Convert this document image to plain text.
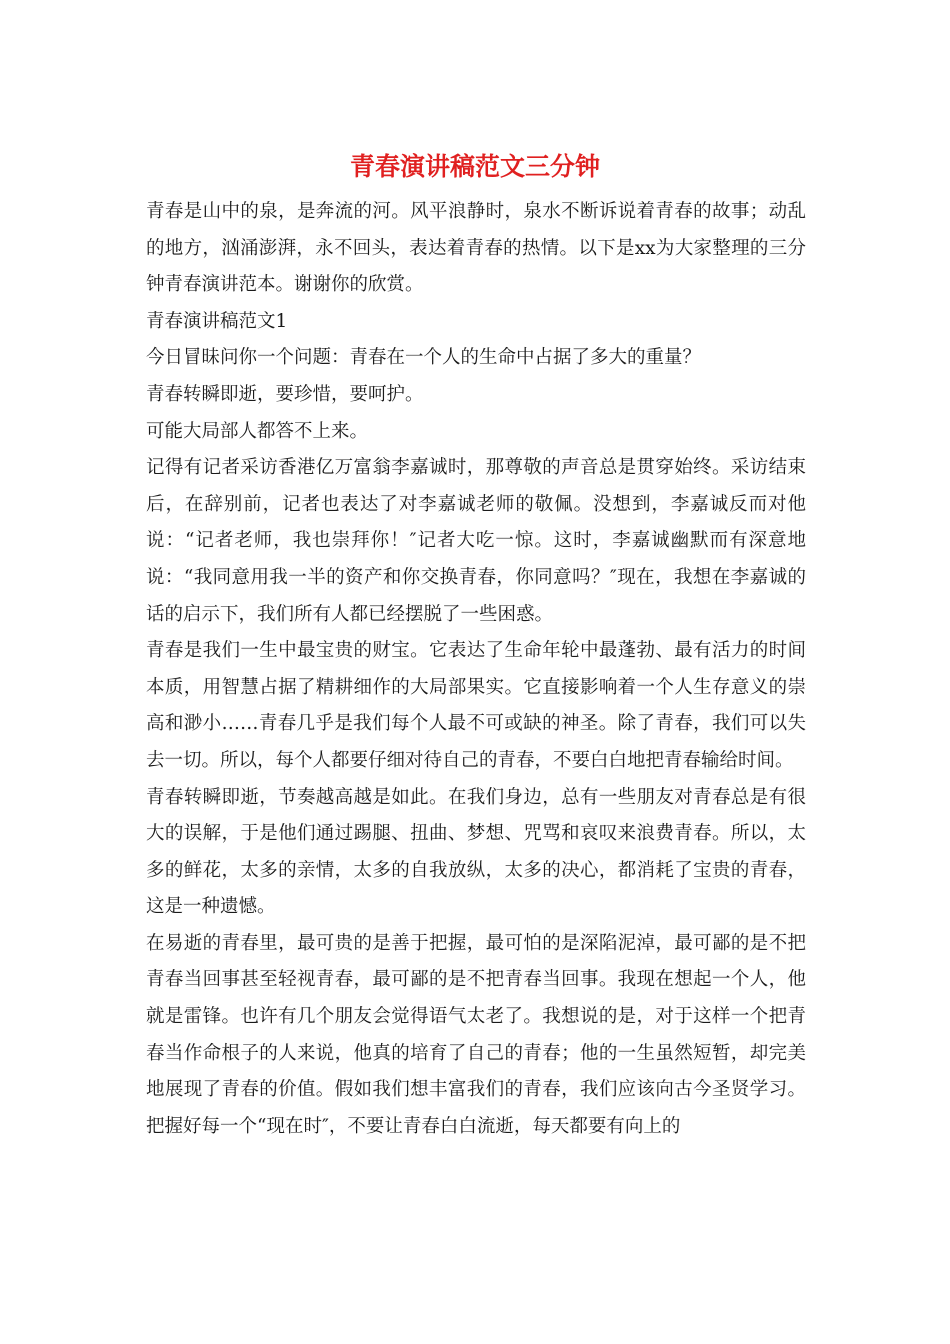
青春演讲稿范文三分钟

青春是山中的泉，是奔流的河。风平浪静时，泉水不断诉说着青春的故事；动乱的地方，汹涌澎湃，永不回头，表达着青春的热情。以下是xx为大家整理的三分钟青春演讲范本。谢谢你的欣赏。

青春演讲稿范文1

今日冒昧问你一个问题：青春在一个人的生命中占据了多大的重量？

青春转瞬即逝，要珍惜，要呵护。

可能大局部人都答不上来。

记得有记者采访香港亿万富翁李嘉诚时，那尊敬的声音总是贯穿始终。采访结束后，在辞别前，记者也表达了对李嘉诚老师的敬佩。没想到，李嘉诚反而对他说：“记者老师，我也崇拜你！″记者大吃一惊。这时，李嘉诚幽默而有深意地说：“我同意用我一半的资产和你交换青春，你同意吗？″现在，我想在李嘉诚的话的启示下，我们所有人都已经摆脱了一些困惑。

青春是我们一生中最宝贵的财宝。它表达了生命年轮中最蓬勃、最有活力的时间本质，用智慧占据了精耕细作的大局部果实。它直接影响着一个人生存意义的崇高和渺小……青春几乎是我们每个人最不可或缺的神圣。除了青春，我们可以失去一切。所以，每个人都要仔细对待自己的青春，不要白白地把青春输给时间。

青春转瞬即逝，节奏越高越是如此。在我们身边，总有一些朋友对青春总是有很大的误解，于是他们通过踢腿、扭曲、梦想、咒骂和哀叹来浪费青春。所以，太多的鲜花，太多的亲情，太多的自我放纵，太多的决心，都消耗了宝贵的青春，这是一种遗憾。

在易逝的青春里，最可贵的是善于把握，最可怕的是深陷泥淖，最可鄙的是不把青春当回事甚至轻视青春，最可鄙的是不把青春当回事。我现在想起一个人，他就是雷锋。也许有几个朋友会觉得语气太老了。我想说的是，对于这样一个把青春当作命根子的人来说，他真的培育了自己的青春；他的一生虽然短暂，却完美地展现了青春的价值。假如我们想丰富我们的青春，我们应该向古今圣贤学习。把握好每一个“现在时″，不要让青春白白流逝，每天都要有向上的
